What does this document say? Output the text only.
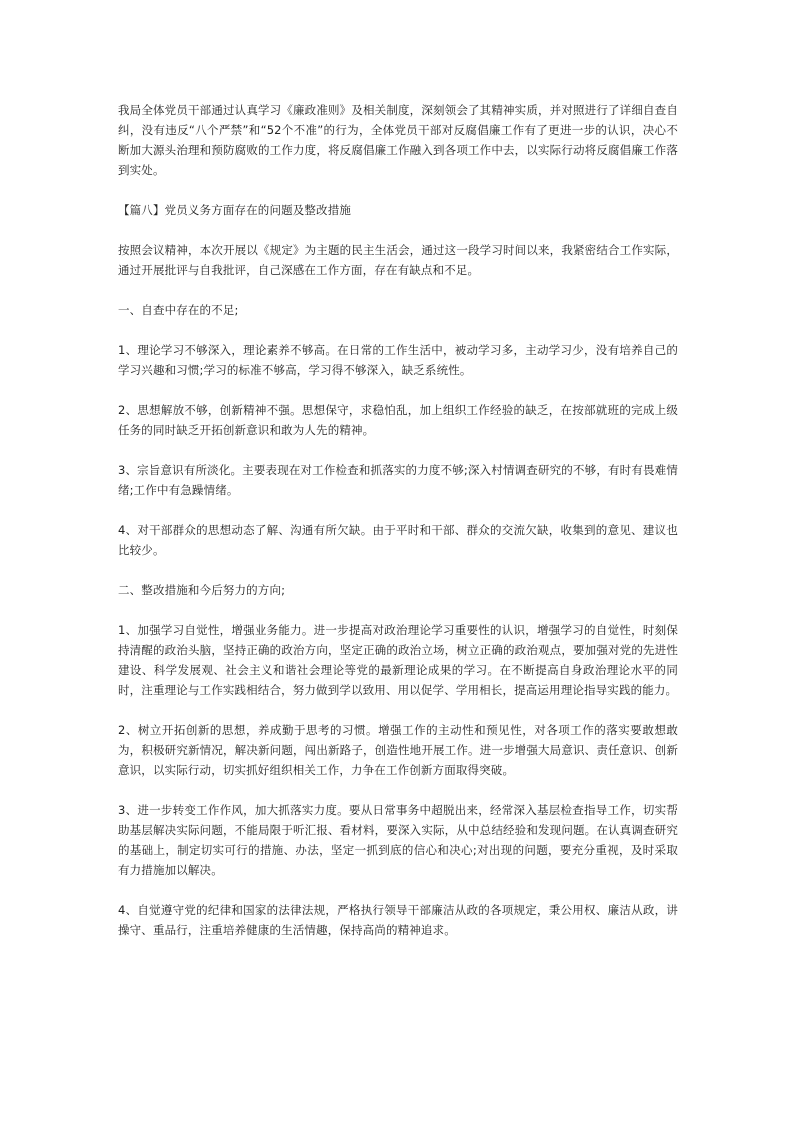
我局全体党员干部通过认真学习《廉政准则》及相关制度，深刻领会了其精神实质，并对照进行了详细自查自纠，没有违反“八个严禁”和“52个不准”的行为，全体党员干部对反腐倡廉工作有了更进一步的认识，决心不断加大源头治理和预防腐败的工作力度，将反腐倡廉工作融入到各项工作中去，以实际行动将反腐倡廉工作落到实处。

【篇八】党员义务方面存在的问题及整改措施

按照会议精神，本次开展以《规定》为主题的民主生活会，通过这一段学习时间以来，我紧密结合工作实际，通过开展批评与自我批评，自己深感在工作方面，存在有缺点和不足。

一、自查中存在的不足;

1、理论学习不够深入，理论素养不够高。在日常的工作生活中，被动学习多，主动学习少，没有培养自己的学习兴趣和习惯;学习的标准不够高，学习得不够深入，缺乏系统性。

2、思想解放不够，创新精神不强。思想保守，求稳怕乱，加上组织工作经验的缺乏，在按部就班的完成上级任务的同时缺乏开拓创新意识和敢为人先的精神。

3、宗旨意识有所淡化。主要表现在对工作检查和抓落实的力度不够;深入村情调查研究的不够，有时有畏难情绪;工作中有急躁情绪。

4、对干部群众的思想动态了解、沟通有所欠缺。由于平时和干部、群众的交流欠缺，收集到的意见、建议也比较少。

二、整改措施和今后努力的方向;

1、加强学习自觉性，增强业务能力。进一步提高对政治理论学习重要性的认识，增强学习的自觉性，时刻保持清醒的政治头脑，坚持正确的政治方向，坚定正确的政治立场，树立正确的政治观点，要加强对党的先进性建设、科学发展观、社会主义和谐社会理论等党的最新理论成果的学习。在不断提高自身政治理论水平的同时，注重理论与工作实践相结合，努力做到学以致用、用以促学、学用相长，提高运用理论指导实践的能力。

2、树立开拓创新的思想，养成勤于思考的习惯。增强工作的主动性和预见性，对各项工作的落实要敢想敢为，积极研究新情况，解决新问题，闯出新路子，创造性地开展工作。进一步增强大局意识、责任意识、创新意识，以实际行动，切实抓好组织相关工作，力争在工作创新方面取得突破。

3、进一步转变工作作风，加大抓落实力度。要从日常事务中超脱出来，经常深入基层检查指导工作，切实帮助基层解决实际问题，不能局限于听汇报、看材料，要深入实际，从中总结经验和发现问题。在认真调查研究的基础上，制定切实可行的措施、办法，坚定一抓到底的信心和决心;对出现的问题，要充分重视，及时采取有力措施加以解决。

4、自觉遵守党的纪律和国家的法律法规，严格执行领导干部廉洁从政的各项规定，秉公用权、廉洁从政，讲操守、重品行，注重培养健康的生活情趣，保持高尚的精神追求。
